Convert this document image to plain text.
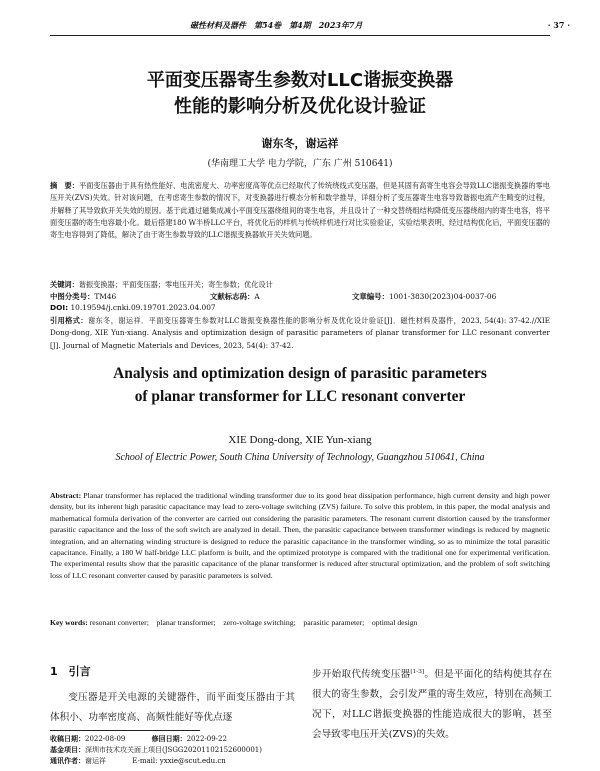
磁性材料及器件　第54卷　第4期　2023年7月	· 37 ·
平面变压器寄生参数对LLC谐振变换器
性能的影响分析及优化设计验证
谢东冬，谢运祥
(华南理工大学 电力学院，广东 广州 510641)
摘　要：平面变压器由于具有热性能好、电流密度大、功率密度高等优点已经取代了传统绕线式变压器，但是其固有高寄生电容会导致LLC谐振变换器的零电压开关(ZVS)失效。针对该问题，在考虑寄生参数的情况下，对变换器进行模态分析和数学推导，详细分析了变压器寄生电容导致谐振电流产生畸变的过程，并解释了其导致软开关失效的原因。基于此通过磁集成减小平面变压器绕组间的寄生电容，并且设计了一种交替绕组结构降低变压器绕组内的寄生电容，将平面变压器的寄生电容最小化。最后搭建180 W半桥LLC平台，将优化后的样机与传统样机进行对比实验验证，实验结果表明，经过结构优化后，平面变压器的寄生电容得到了降低，解决了由于寄生参数导致的LLC谐振变换器软开关失效问题。
关键词：谐振变换器；平面变压器；零电压开关；寄生参数；优化设计
中图分类号：TM46	文献标志码：A	文章编号：1001-3830(2023)04-0037-06
DOI: 10.19594/j.cnki.09.19701.2023.04.007
引用格式：谢东冬，谢运祥．平面变压器寄生参数对LLC谐振变换器性能的影响分析及优化设计验证[J]．磁性材料及器件，2023, 54(4): 37-42.//XIE Dong-dong, XIE Yun-xiang. Analysis and optimization design of parasitic parameters of planar transformer for LLC resonant converter [J]. Journal of Magnetic Materials and Devices, 2023, 54(4): 37-42.
Analysis and optimization design of parasitic parameters
of planar transformer for LLC resonant converter
XIE Dong-dong, XIE Yun-xiang
School of Electric Power, South China University of Technology, Guangzhou 510641, China
Abstract: Planar transformer has replaced the traditional winding transformer due to its good heat dissipation performance, high current density and high power density, but its inherent high parasitic capacitance may lead to zero-voltage switching (ZVS) failure. To solve this problem, in this paper, the modal analysis and mathematical formula derivation of the converter are carried out considering the parasitic parameters. The resonant current distortion caused by the transformer parasitic capacitance and the loss of the soft switch are analyzed in detail. Then, the parasitic capacitance between transformer windings is reduced by magnetic integration, and an alternating winding structure is designed to reduce the parasitic capacitance in the transformer winding, so as to minimize the total parasitic capacitance. Finally, a 180 W half-bridge LLC platform is built, and the optimized prototype is compared with the traditional one for experimental verification. The experimental results show that the parasitic capacitance of the planar transformer is reduced after structural optimization, and the problem of soft switching loss of LLC resonant converter caused by parasitic parameters is solved.
Key words: resonant converter;　planar transformer;　zero-voltage switching;　parasitic parameter;　optimal design
1　引言
变压器是开关电源的关键器件，而平面变压器由于其体积小、功率密度高、高频性能好等优点逐
步开始取代传统变压器[1-3]。但是平面化的结构使其存在很大的寄生参数，会引发严重的寄生效应，特别在高频工况下，对LLC谐振变换器的性能造成很大的影响，甚至会导致零电压开关(ZVS)的失效。
收稿日期：2022-08-09	修回日期：2022-09-22
基金项目：深圳市技术攻关面上项目(JSGG20201102152600001)
通讯作者：谢运祥	E-mail: yxxie@scut.edu.cn
